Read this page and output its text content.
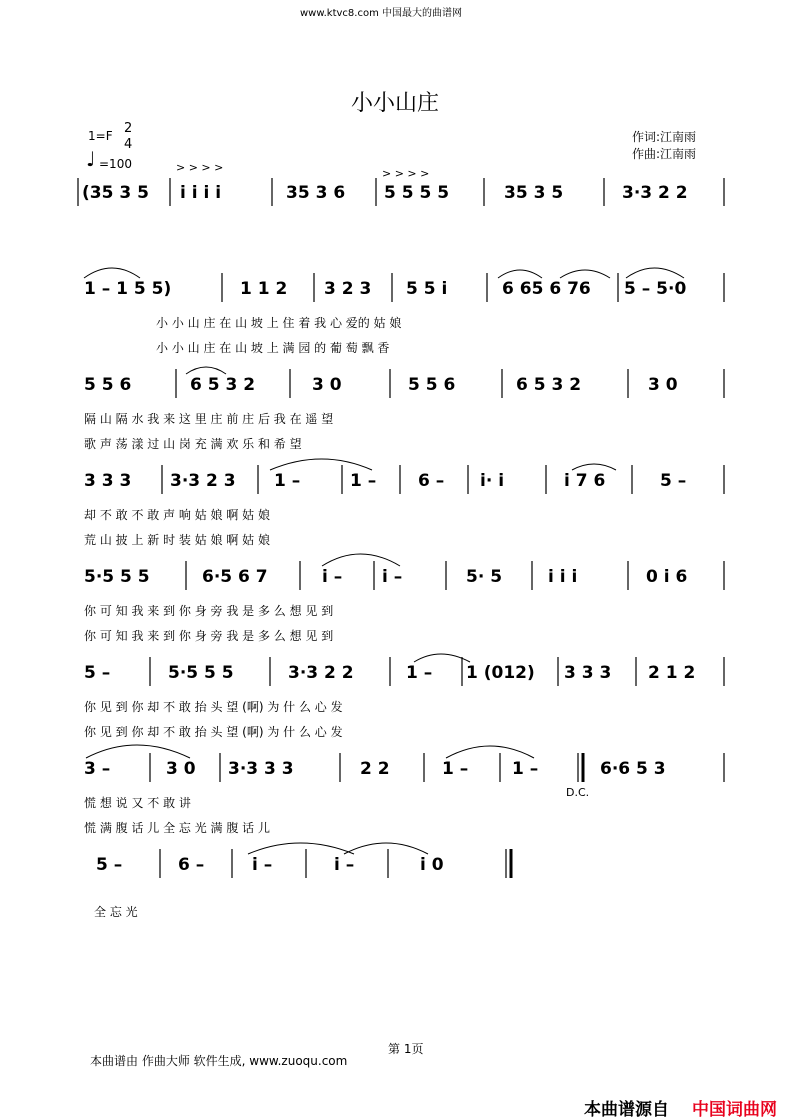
www.ktvc8.com 中国最大的曲谱网
小小山庄
1=F 2
4
♩ =100
作词:江南雨
作曲:江南雨
> > > >	> > > >
(35 3 5 i i i i	35 3 6 5 5 5 5	35 3 5	3·3 2 2
1 – 1 5 5)	1 1 2 3 2 3 5 5 i	6 65 6 76 5 – 5·0
5 5 6	6 5 3 2	3 0	5 5 6	6 5 3 2	3 0
3 3 3 3·3 2 3 1 –	1 – 6 – i· i	i 7 6	5 –
5·5 5 5	6·5 6 7	i – i –	5· 5	i i i	0 i 6
5 –	5·5 5 5	3·3 2 2	1 – 1 (012) 3 3 3 2 1 2
3 –	3 0 3·3 3 3	2 2	1 –	1 –	6·6 5 3
5 –	6 –	i –	i –	i 0
D.C.
小 小 山 庄 在 山 坡 上 住 着 我 心 爱的 姑 娘
小 小 山 庄 在 山 坡 上 满 园 的 葡 萄 飘 香
隔 山 隔 水 我 来 这 里 庄 前 庄 后 我 在 遥 望
歌 声 荡 漾 过 山 岗 充 满 欢 乐 和 希 望
却 不 敢 不 敢 声 响 姑 娘 啊 姑 娘
荒 山 披 上 新 时 装 姑 娘 啊 姑 娘
你 可 知 我 来 到 你 身 旁 我 是 多 么 想 见 到
你 可 知 我 来 到 你 身 旁 我 是 多 么 想 见 到
你 见 到 你 却 不 敢 抬 头 望 (啊) 为 什 么 心 发
你 见 到 你 却 不 敢 抬 头 望 (啊) 为 什 么 心 发
慌 想 说 又 不 敢 讲
慌 满 腹 话 儿 全 忘 光 满 腹 话 儿
全 忘 光
第 1页
本曲谱由 作曲大师 软件生成, www.zuoqu.com
本曲谱源自 中国词曲网
